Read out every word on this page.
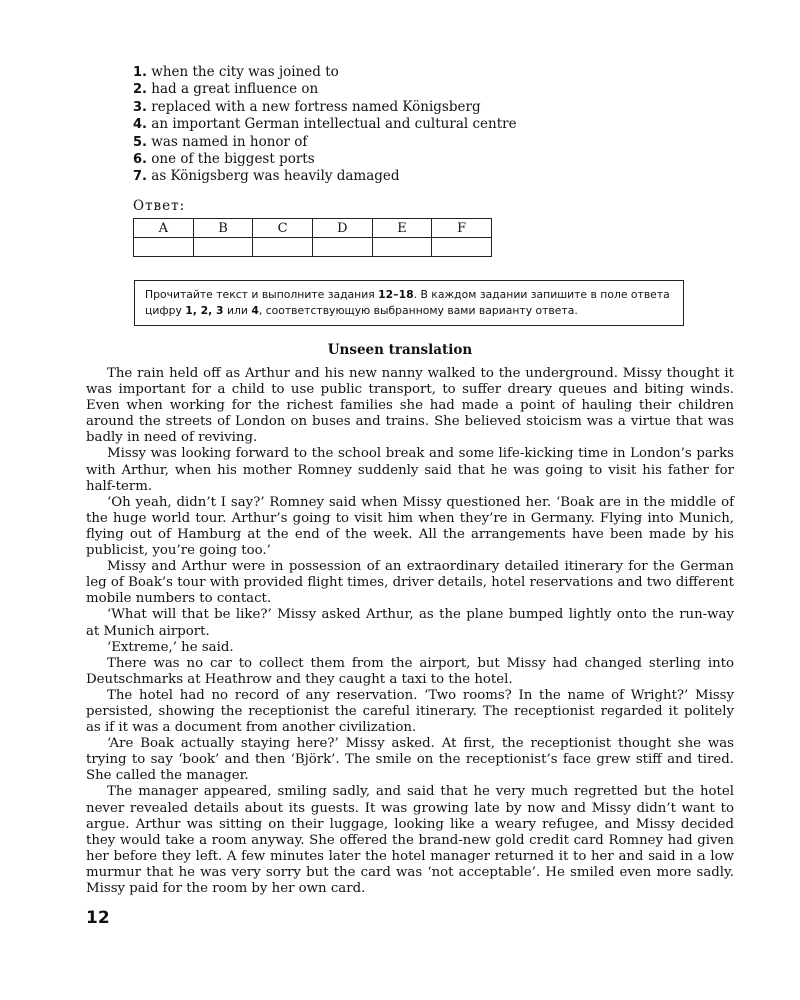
1. when the city was joined to
2. had a great influence on
3. replaced with a new fortress named Königsberg
4. an important German intellectual and cultural centre
5. was named in honor of
6. one of the biggest ports
7. as Königsberg was heavily damaged
Ответ:
A	B	C	D	E	F

Прочитайте текст и выполните задания 12–18. В каждом задании запишите в поле ответа цифру 1, 2, 3 или 4, соответствующую выбранному вами варианту ответа.
Unseen translation

The rain held off as Arthur and his new nanny walked to the underground. Missy thought it was important for a child to use public transport, to suffer dreary queues and biting winds. Even when working for the richest families she had made a point of hauling their children around the streets of London on buses and trains. She believed stoicism was a virtue that was badly in need of reviving.

Missy was looking forward to the school break and some life-kicking time in London’s parks with Arthur, when his mother Romney suddenly said that he was going to visit his father for half-term.

‘Oh yeah, didn’t I say?’ Romney said when Missy questioned her. ‘Boak are in the middle of the huge world tour. Arthur’s going to visit him when they’re in Germany. Flying into Munich, flying out of Hamburg at the end of the week. All the arrangements have been made by his publicist, you’re going too.’

Missy and Arthur were in possession of an extraordinary detailed itinerary for the German leg of Boak’s tour with provided flight times, driver details, hotel reservations and two different mobile numbers to contact.

‘What will that be like?’ Missy asked Arthur, as the plane bumped lightly onto the run-way at Munich airport.

‘Extreme,’ he said.

There was no car to collect them from the airport, but Missy had changed sterling into Deutschmarks at Heathrow and they caught a taxi to the hotel.

The hotel had no record of any reservation. ‘Two rooms? In the name of Wright?’ Missy persisted, showing the receptionist the careful itinerary. The receptionist regarded it politely as if it was a document from another civilization.

‘Are Boak actually staying here?’ Missy asked. At first, the receptionist thought she was trying to say ‘book’ and then ‘Björk’. The smile on the receptionist’s face grew stiff and tired. She called the manager.

The manager appeared, smiling sadly, and said that he very much regretted but the hotel never revealed details about its guests. It was growing late by now and Missy didn’t want to argue. Arthur was sitting on their luggage, looking like a weary refugee, and Missy decided they would take a room anyway. She offered the brand-new gold credit card Romney had given her before they left. A few minutes later the hotel manager returned it to her and said in a low murmur that he was very sorry but the card was ‘not acceptable’. He smiled even more sadly. Missy paid for the room by her own card.

12
